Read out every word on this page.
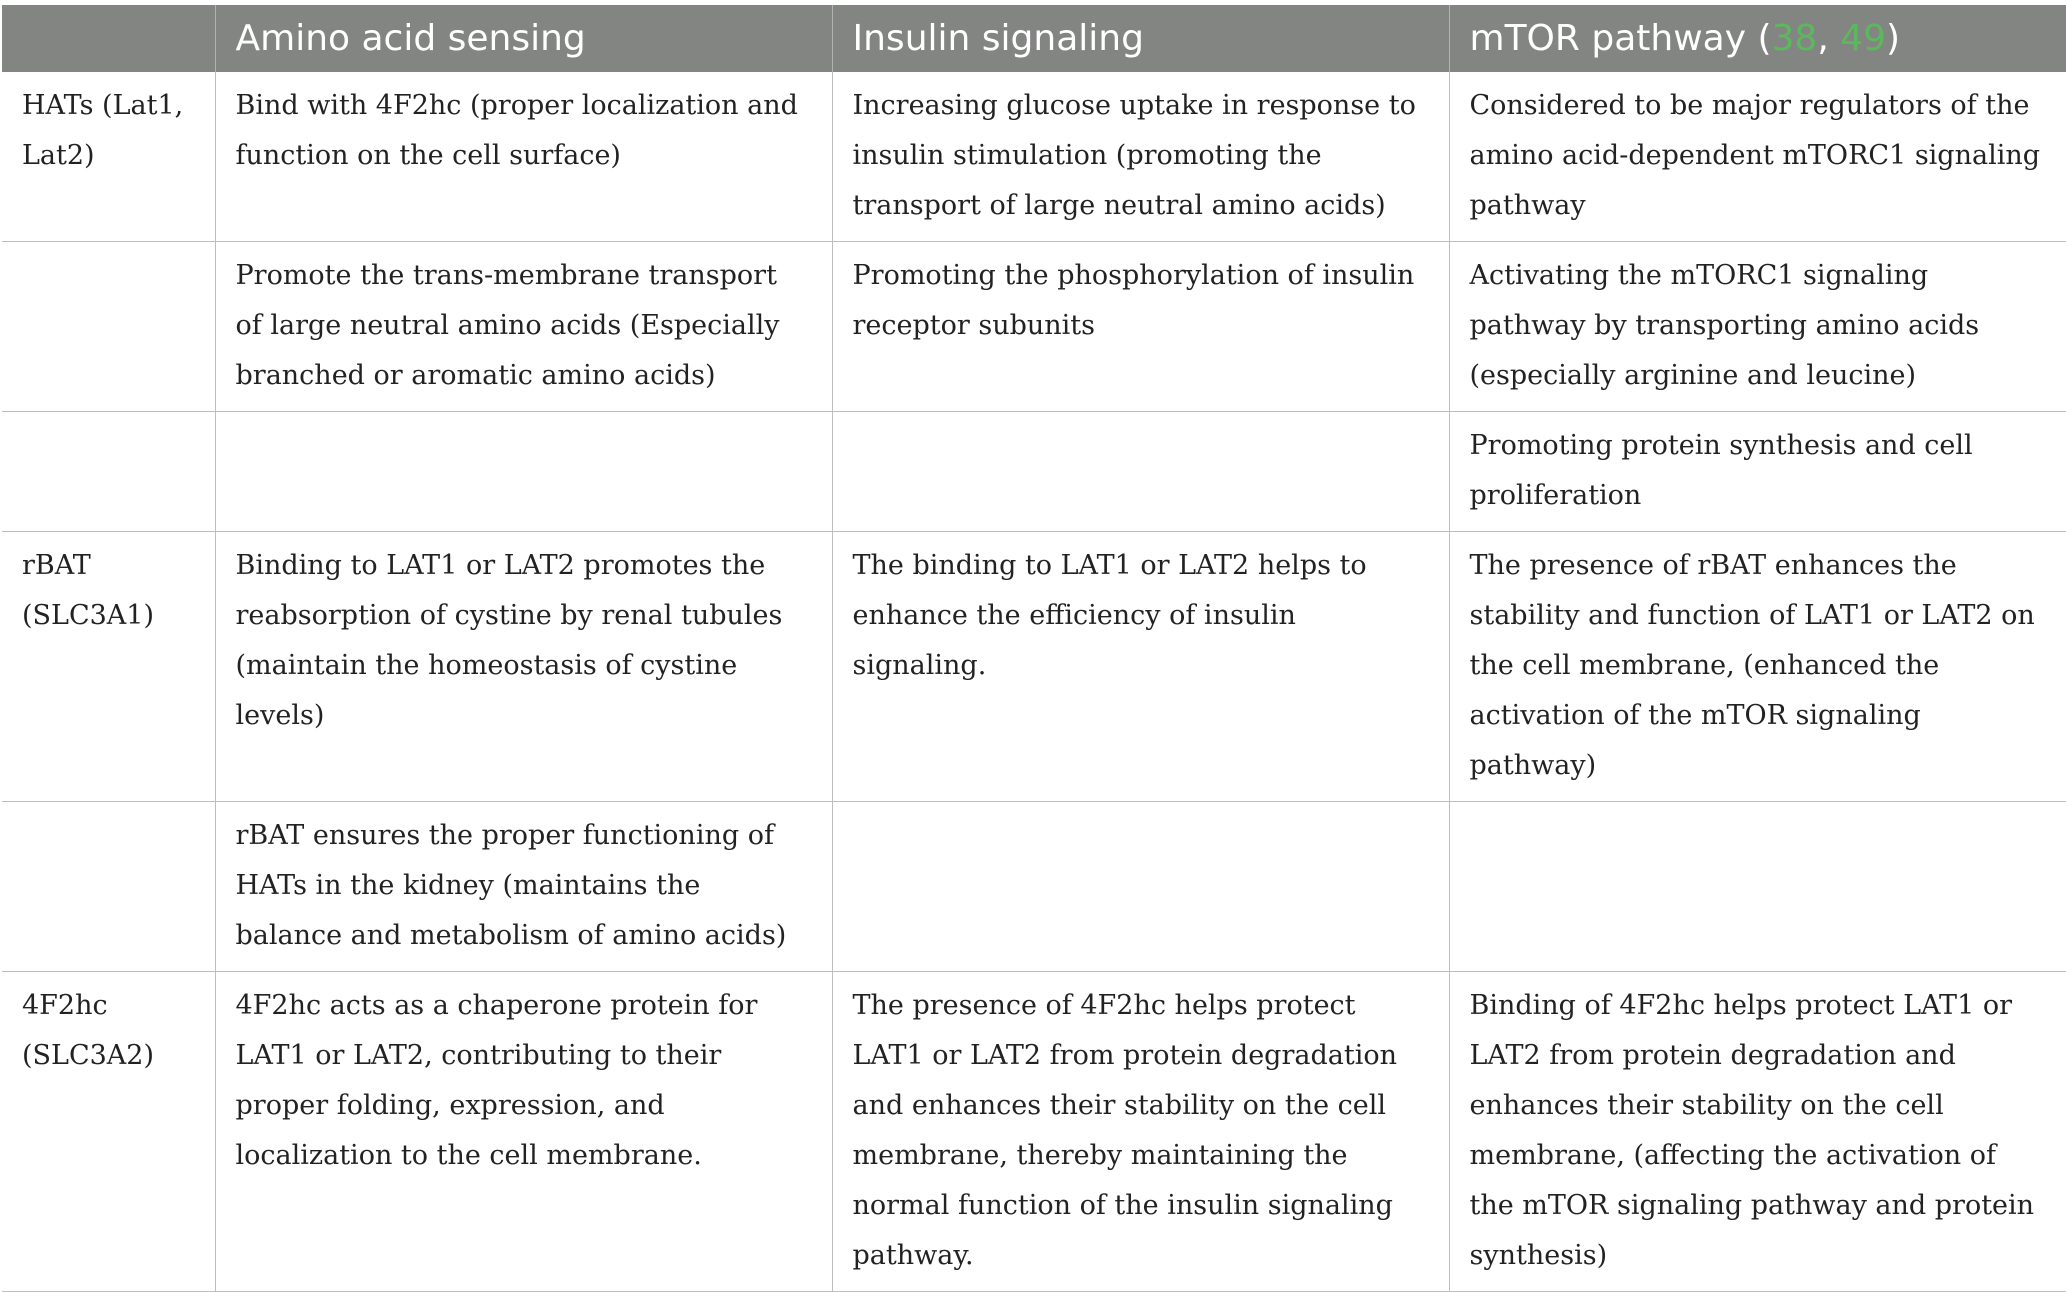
	Amino acid sensing	Insulin signaling	mTOR pathway (38, 49)
HATs (Lat1, Lat2)	Bind with 4F2hc (proper localization and function on the cell surface)	Increasing glucose uptake in response to insulin stimulation (promoting the transport of large neutral amino acids)	Considered to be major regulators of the amino acid-dependent mTORC1 signaling pathway
	Promote the trans-membrane transport of large neutral amino acids (Especially branched or aromatic amino acids)	Promoting the phosphorylation of insulin receptor subunits	Activating the mTORC1 signaling pathway by transporting amino acids (especially arginine and leucine)
			Promoting protein synthesis and cell proliferation
rBAT (SLC3A1)	Binding to LAT1 or LAT2 promotes the reabsorption of cystine by renal tubules (maintain the homeostasis of cystine levels)	The binding to LAT1 or LAT2 helps to enhance the efficiency of insulin signaling.	The presence of rBAT enhances the stability and function of LAT1 or LAT2 on the cell membrane, (enhanced the activation of the mTOR signaling pathway)
	rBAT ensures the proper functioning of HATs in the kidney (maintains the balance and metabolism of amino acids)		
4F2hc (SLC3A2)	4F2hc acts as a chaperone protein for LAT1 or LAT2, contributing to their proper folding, expression, and localization to the cell membrane.	The presence of 4F2hc helps protect LAT1 or LAT2 from protein degradation and enhances their stability on the cell membrane, thereby maintaining the normal function of the insulin signaling pathway.	Binding of 4F2hc helps protect LAT1 or LAT2 from protein degradation and enhances their stability on the cell membrane, (affecting the activation of the mTOR signaling pathway and protein synthesis)
